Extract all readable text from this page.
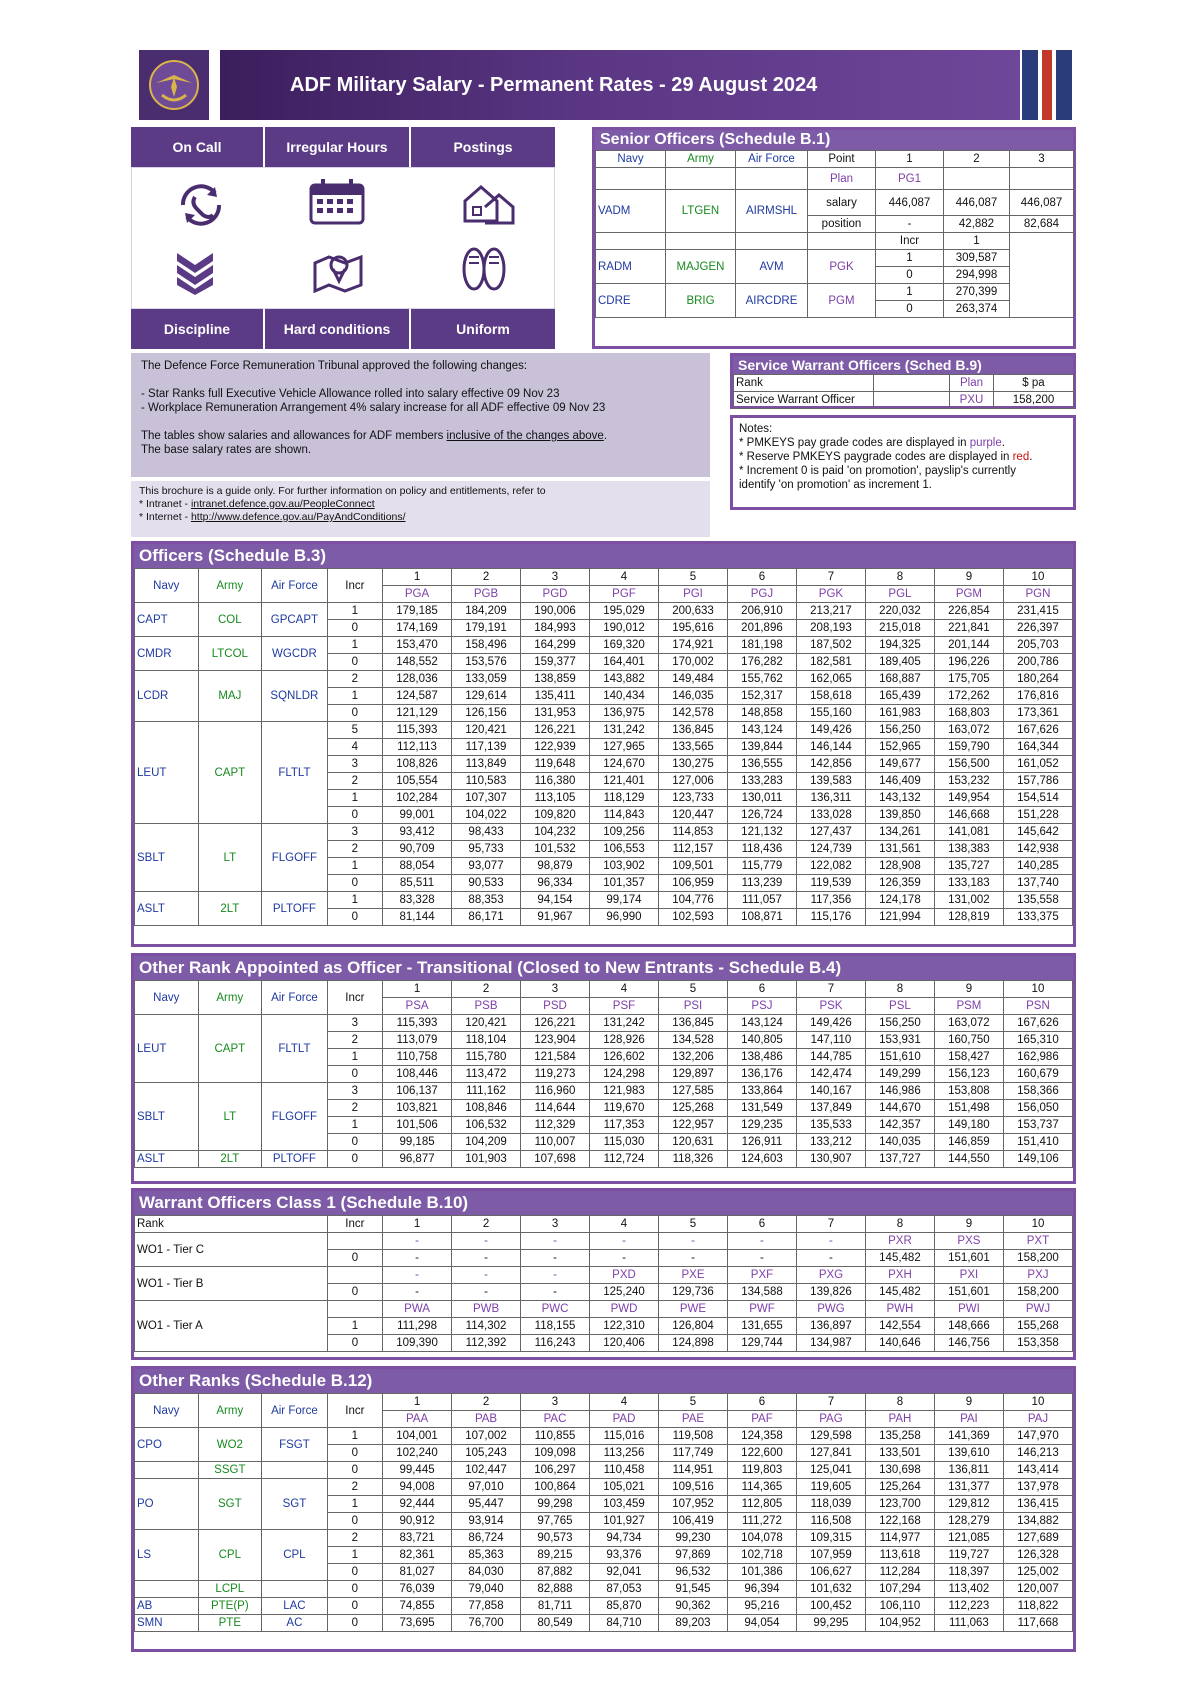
ADF Military Salary - Permanent Rates - 29 August 2024
On Call	Irregular Hours	Postings
Discipline	Hard conditions	Uniform
Senior Officers (Schedule B.1)
Navy	Army	Air Force	Point	1	2	3
			Plan	PG1		
VADM	LTGEN	AIRMSHL	salary	446,087	446,087	446,087
			position	-	42,882	82,684
				Incr	1	
RADM	MAJGEN	AVM	PGK	1	309,587	
				0	294,998	
CDRE	BRIG	AIRCDRE	PGM	1	270,399	
				0	263,374	
The Defence Force Remuneration Tribunal approved the following changes:
- Star Ranks full Executive Vehicle Allowance rolled into salary effective 09 Nov 23
- Workplace Remuneration Arrangement 4% salary increase for all ADF effective 09 Nov 23
The tables show salaries and allowances for ADF members inclusive of the changes above.
The base salary rates are shown.
This brochure is a guide only. For further information on policy and entitlements, refer to
* Intranet - intranet.defence.gov.au/PeopleConnect
* Internet - http://www.defence.gov.au/PayAndConditions/
Service Warrant Officers (Sched B.9)
Rank		Plan	$ pa
Service Warrant Officer		PXU	158,200
Notes:
* PMKEYS pay grade codes are displayed in purple.
* Reserve PMKEYS paygrade codes are displayed in red.
* Increment 0 is paid 'on promotion', payslip's currently
identify 'on promotion' as increment 1.
Officers (Schedule B.3)
Navy	Army	Air Force	Incr	1	2	3	4	5	6	7	8	9	10
				PGA	PGB	PGD	PGF	PGI	PGJ	PGK	PGL	PGM	PGN
CAPT	COL	GPCAPT	1	179,185	184,209	190,006	195,029	200,633	206,910	213,217	220,032	226,854	231,415
			0	174,169	179,191	184,993	190,012	195,616	201,896	208,193	215,018	221,841	226,397
CMDR	LTCOL	WGCDR	1	153,470	158,496	164,299	169,320	174,921	181,198	187,502	194,325	201,144	205,703
			0	148,552	153,576	159,377	164,401	170,002	176,282	182,581	189,405	196,226	200,786
LCDR	MAJ	SQNLDR	2	128,036	133,059	138,859	143,882	149,484	155,762	162,065	168,887	175,705	180,264
			1	124,587	129,614	135,411	140,434	146,035	152,317	158,618	165,439	172,262	176,816
			0	121,129	126,156	131,953	136,975	142,578	148,858	155,160	161,983	168,803	173,361
LEUT	CAPT	FLTLT	5	115,393	120,421	126,221	131,242	136,845	143,124	149,426	156,250	163,072	167,626
			4	112,113	117,139	122,939	127,965	133,565	139,844	146,144	152,965	159,790	164,344
			3	108,826	113,849	119,648	124,670	130,275	136,555	142,856	149,677	156,500	161,052
			2	105,554	110,583	116,380	121,401	127,006	133,283	139,583	146,409	153,232	157,786
			1	102,284	107,307	113,105	118,129	123,733	130,011	136,311	143,132	149,954	154,514
			0	99,001	104,022	109,820	114,843	120,447	126,724	133,028	139,850	146,668	151,228
SBLT	LT	FLGOFF	3	93,412	98,433	104,232	109,256	114,853	121,132	127,437	134,261	141,081	145,642
			2	90,709	95,733	101,532	106,553	112,157	118,436	124,739	131,561	138,383	142,938
			1	88,054	93,077	98,879	103,902	109,501	115,779	122,082	128,908	135,727	140,285
			0	85,511	90,533	96,334	101,357	106,959	113,239	119,539	126,359	133,183	137,740
ASLT	2LT	PLTOFF	1	83,328	88,353	94,154	99,174	104,776	111,057	117,356	124,178	131,002	135,558
			0	81,144	86,171	91,967	96,990	102,593	108,871	115,176	121,994	128,819	133,375
Other Rank Appointed as Officer - Transitional (Closed to New Entrants - Schedule B.4)
Navy	Army	Air Force	Incr	1	2	3	4	5	6	7	8	9	10
				PSA	PSB	PSD	PSF	PSI	PSJ	PSK	PSL	PSM	PSN
LEUT	CAPT	FLTLT	3	115,393	120,421	126,221	131,242	136,845	143,124	149,426	156,250	163,072	167,626
			2	113,079	118,104	123,904	128,926	134,528	140,805	147,110	153,931	160,750	165,310
			1	110,758	115,780	121,584	126,602	132,206	138,486	144,785	151,610	158,427	162,986
			0	108,446	113,472	119,273	124,298	129,897	136,176	142,474	149,299	156,123	160,679
SBLT	LT	FLGOFF	3	106,137	111,162	116,960	121,983	127,585	133,864	140,167	146,986	153,808	158,366
			2	103,821	108,846	114,644	119,670	125,268	131,549	137,849	144,670	151,498	156,050
			1	101,506	106,532	112,329	117,353	122,957	129,235	135,533	142,357	149,180	153,737
			0	99,185	104,209	110,007	115,030	120,631	126,911	133,212	140,035	146,859	151,410
ASLT	2LT	PLTOFF	0	96,877	101,903	107,698	112,724	118,326	124,603	130,907	137,727	144,550	149,106
Warrant Officers Class 1 (Schedule B.10)
Rank	Incr	1	2	3	4	5	6	7	8	9	10
WO1 - Tier C		-	-	-	-	-	-	-	PXR	PXS	PXT
	0	-	-	-	-	-	-	-	145,482	151,601	158,200
WO1 - Tier B		-	-	-	PXD	PXE	PXF	PXG	PXH	PXI	PXJ
	0	-	-	-	125,240	129,736	134,588	139,826	145,482	151,601	158,200
WO1 - Tier A		PWA	PWB	PWC	PWD	PWE	PWF	PWG	PWH	PWI	PWJ
	1	111,298	114,302	118,155	122,310	126,804	131,655	136,897	142,554	148,666	155,268
	0	109,390	112,392	116,243	120,406	124,898	129,744	134,987	140,646	146,756	153,358
Other Ranks (Schedule B.12)
Navy	Army	Air Force	Incr	1	2	3	4	5	6	7	8	9	10
				PAA	PAB	PAC	PAD	PAE	PAF	PAG	PAH	PAI	PAJ
CPO	WO2	FSGT	1	104,001	107,002	110,855	115,016	119,508	124,358	129,598	135,258	141,369	147,970
			0	102,240	105,243	109,098	113,256	117,749	122,600	127,841	133,501	139,610	146,213
	SSGT		0	99,445	102,447	106,297	110,458	114,951	119,803	125,041	130,698	136,811	143,414
PO	SGT	SGT	2	94,008	97,010	100,864	105,021	109,516	114,365	119,605	125,264	131,377	137,978
			1	92,444	95,447	99,298	103,459	107,952	112,805	118,039	123,700	129,812	136,415
			0	90,912	93,914	97,765	101,927	106,419	111,272	116,508	122,168	128,279	134,882
LS	CPL	CPL	2	83,721	86,724	90,573	94,734	99,230	104,078	109,315	114,977	121,085	127,689
			1	82,361	85,363	89,215	93,376	97,869	102,718	107,959	113,618	119,727	126,328
			0	81,027	84,030	87,882	92,041	96,532	101,386	106,627	112,284	118,397	125,002
	LCPL		0	76,039	79,040	82,888	87,053	91,545	96,394	101,632	107,294	113,402	120,007
AB	PTE(P)	LAC	0	74,855	77,858	81,711	85,870	90,362	95,216	100,452	106,110	112,223	118,822
SMN	PTE	AC	0	73,695	76,700	80,549	84,710	89,203	94,054	99,295	104,952	111,063	117,668
